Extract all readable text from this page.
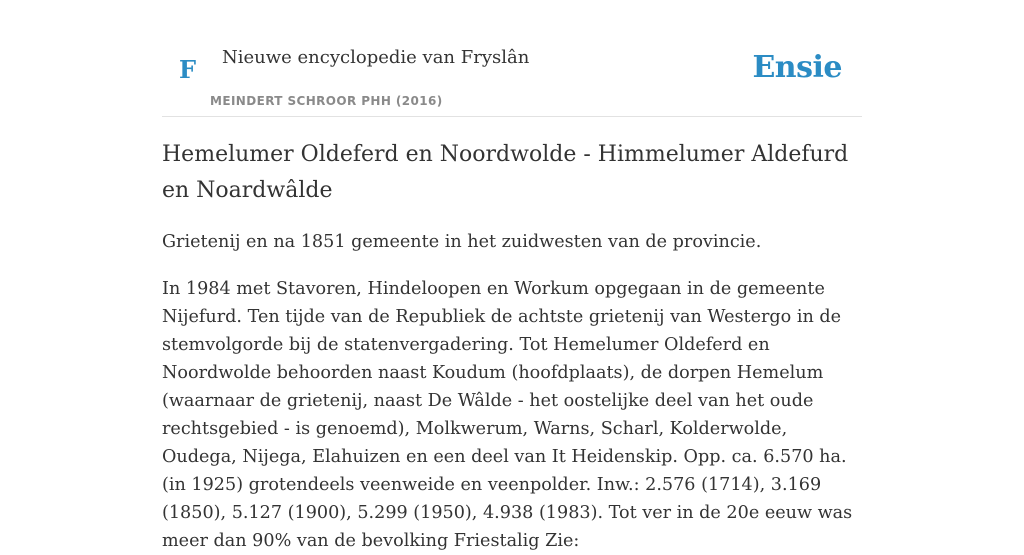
F Nieuwe encyclopedie van Fryslân
MEINDERT SCHROOR PHH (2016)
Ensie
Hemelumer Oldeferd en Noordwolde - Himmelumer Aldefurd en Noardwâlde

Grietenij en na 1851 gemeente in het zuidwesten van de provincie.

In 1984 met Stavoren, Hindeloopen en Workum opgegaan in de gemeente Nijefurd. Ten tijde van de Republiek de achtste grietenij van Westergo in de stemvolgorde bij de statenvergadering. Tot Hemelumer Oldeferd en Noordwolde behoorden naast Koudum (hoofdplaats), de dorpen Hemelum (waarnaar de grietenij, naast De Wâlde - het oostelijke deel van het oude rechtsgebied - is genoemd), Molkwerum, Warns, Scharl, Kolderwolde, Oudega, Nijega, Elahuizen en een deel van It Heidenskip. Opp. ca. 6.570 ha. (in 1925) grotendeels veenweide en veenpolder. Inw.: 2.576 (1714), 3.169 (1850), 5.127 (1900), 5.299 (1950), 4.938 (1983). Tot ver in de 20e eeuw was meer dan 90% van de bevolking Friestalig Zie:
